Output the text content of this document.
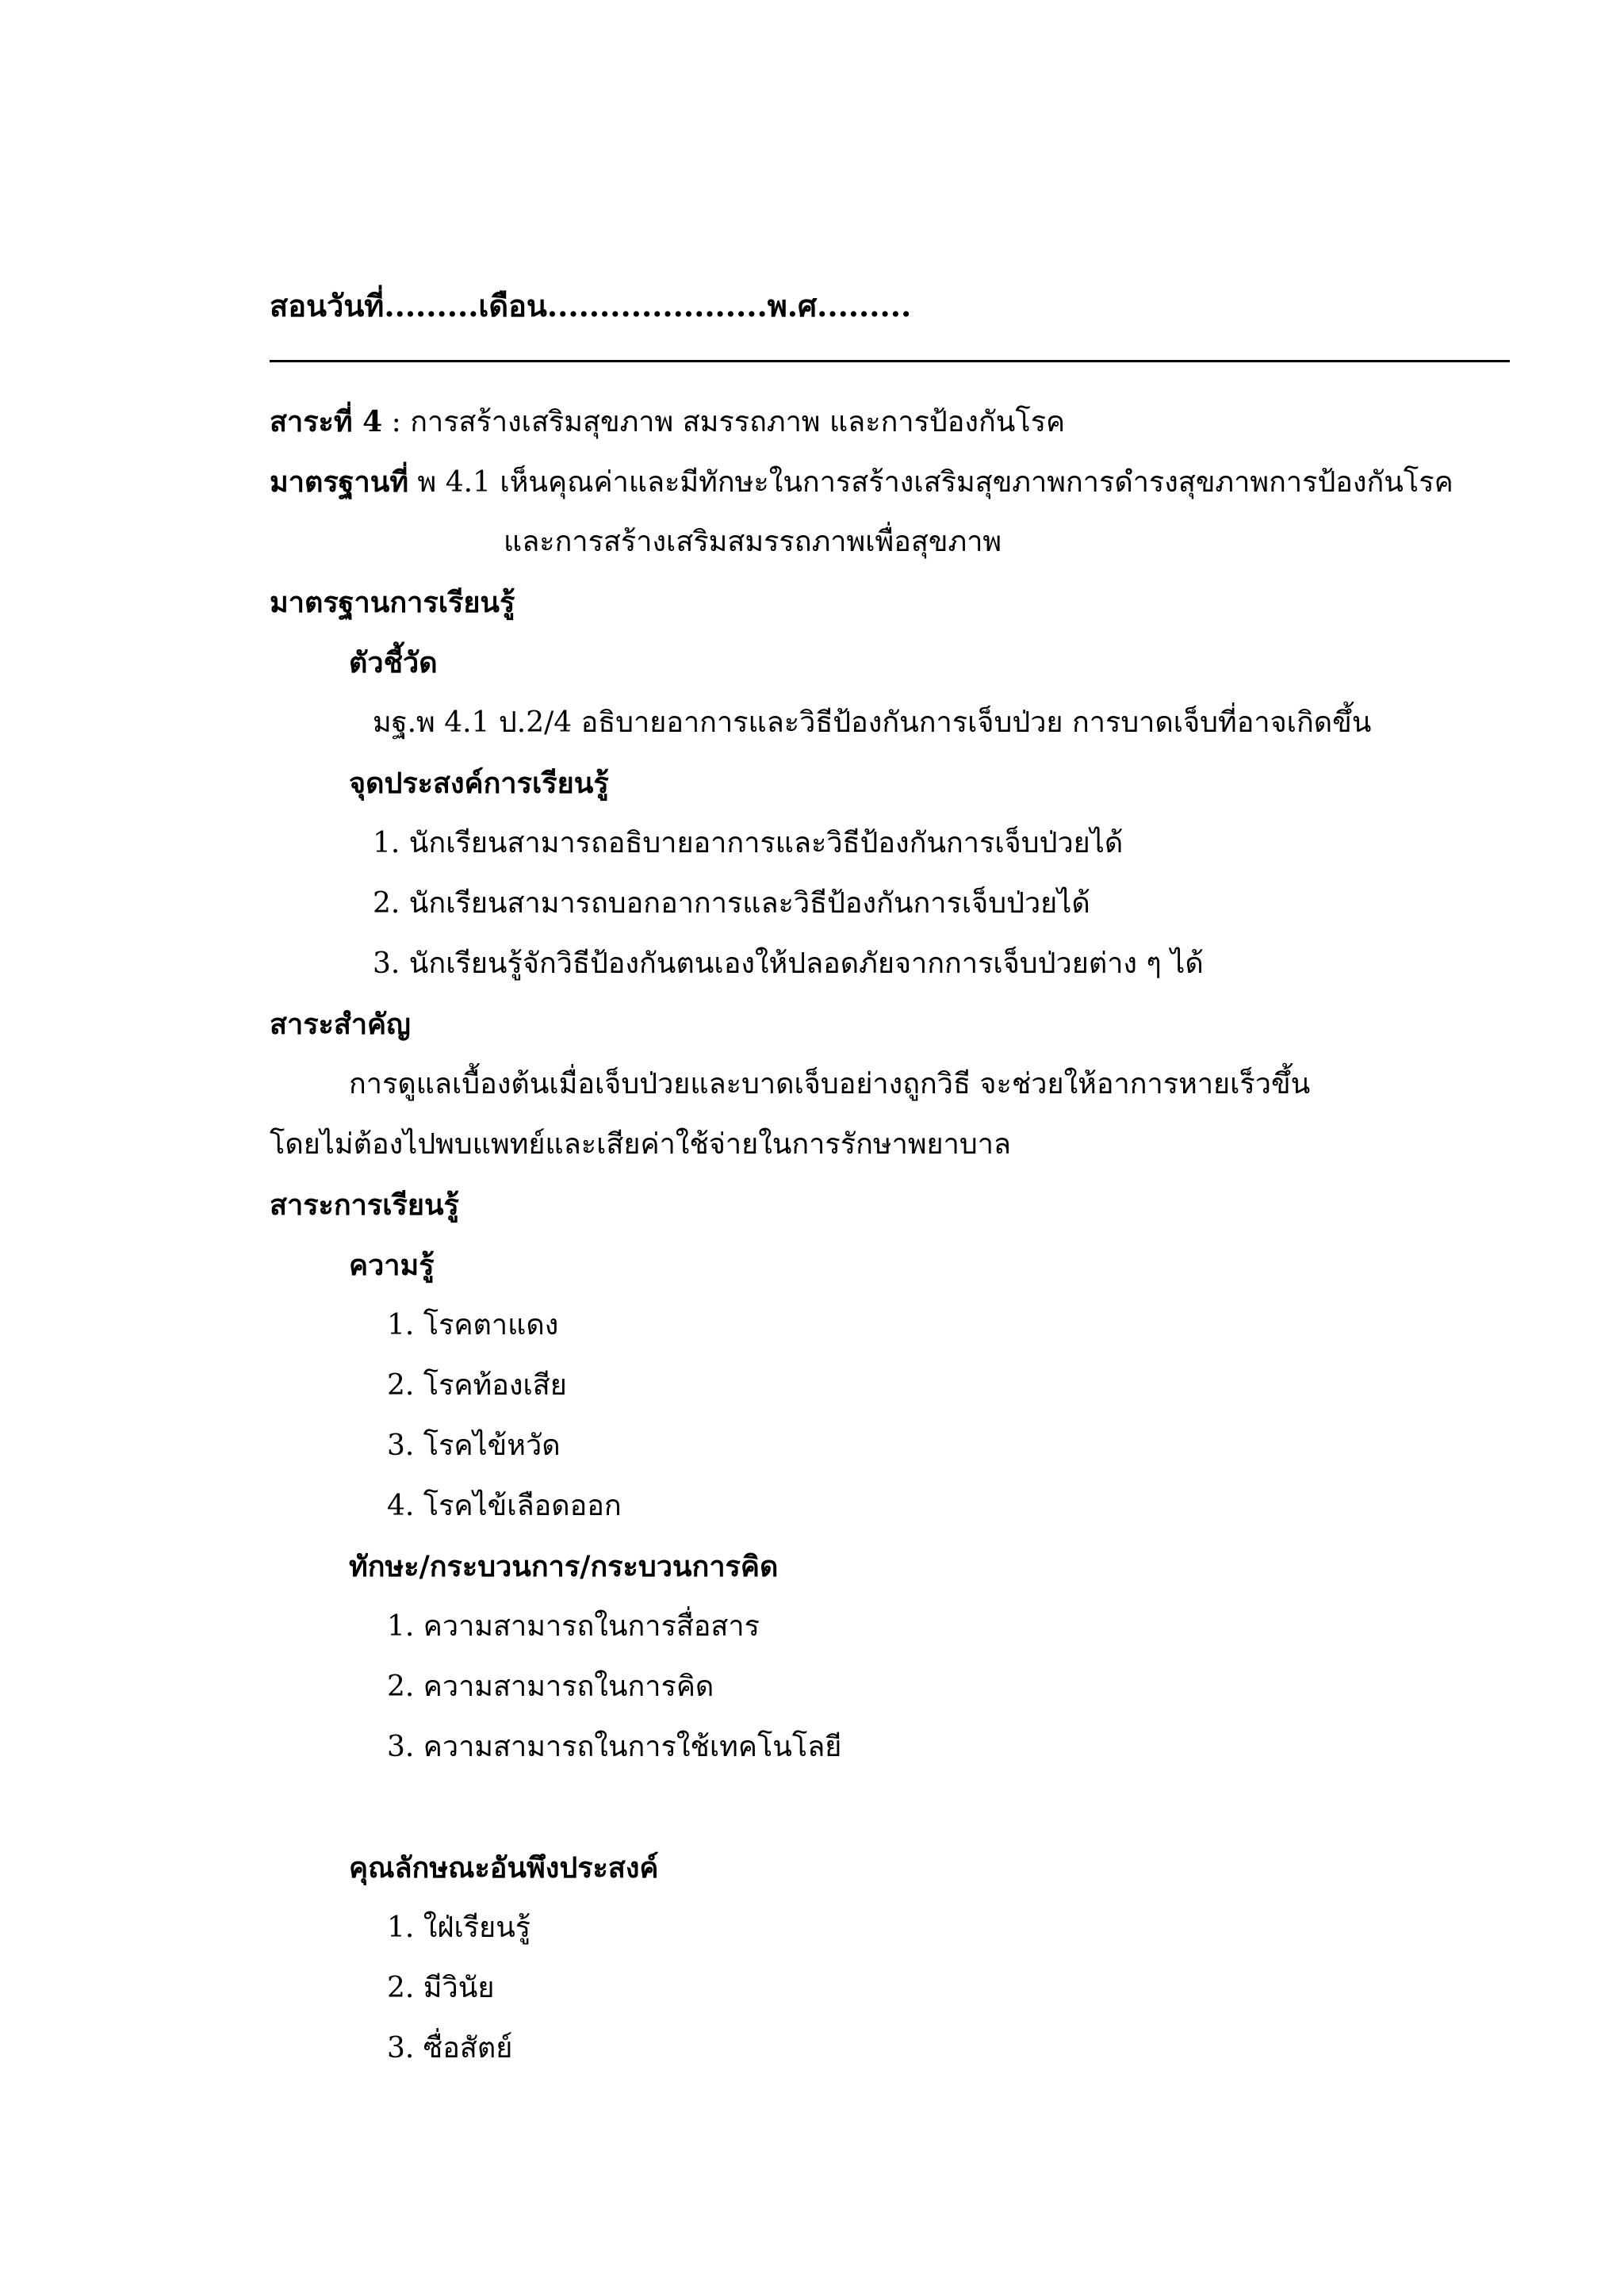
สอนวันที่.........เดือน.....................พ.ศ.........
สาระที่ 4 : การสร้างเสริมสุขภาพ สมรรถภาพ และการป้องกันโรค
มาตรฐานที่ พ 4.1 เห็นคุณค่าและมีทักษะในการสร้างเสริมสุขภาพการดำรงสุขภาพการป้องกันโรค
และการสร้างเสริมสมรรถภาพเพื่อสุขภาพ
มาตรฐานการเรียนรู้
ตัวชี้วัด
มฐ.พ 4.1 ป.2/4 อธิบายอาการและวิธีป้องกันการเจ็บป่วย การบาดเจ็บที่อาจเกิดขึ้น
จุดประสงค์การเรียนรู้
1. นักเรียนสามารถอธิบายอาการและวิธีป้องกันการเจ็บป่วยได้
2. นักเรียนสามารถบอกอาการและวิธีป้องกันการเจ็บป่วยได้
3. นักเรียนรู้จักวิธีป้องกันตนเองให้ปลอดภัยจากการเจ็บป่วยต่าง ๆ ได้
สาระสำคัญ
การดูแลเบื้องต้นเมื่อเจ็บป่วยและบาดเจ็บอย่างถูกวิธี จะช่วยให้อาการหายเร็วขึ้น
โดยไม่ต้องไปพบแพทย์และเสียค่าใช้จ่ายในการรักษาพยาบาล
สาระการเรียนรู้
ความรู้
1. โรคตาแดง
2. โรคท้องเสีย
3. โรคไข้หวัด
4. โรคไข้เลือดออก
ทักษะ/กระบวนการ/กระบวนการคิด
1. ความสามารถในการสื่อสาร
2. ความสามารถในการคิด
3. ความสามารถในการใช้เทคโนโลยี
คุณลักษณะอันพึงประสงค์
1. ใฝ่เรียนรู้
2. มีวินัย
3. ซื่อสัตย์
